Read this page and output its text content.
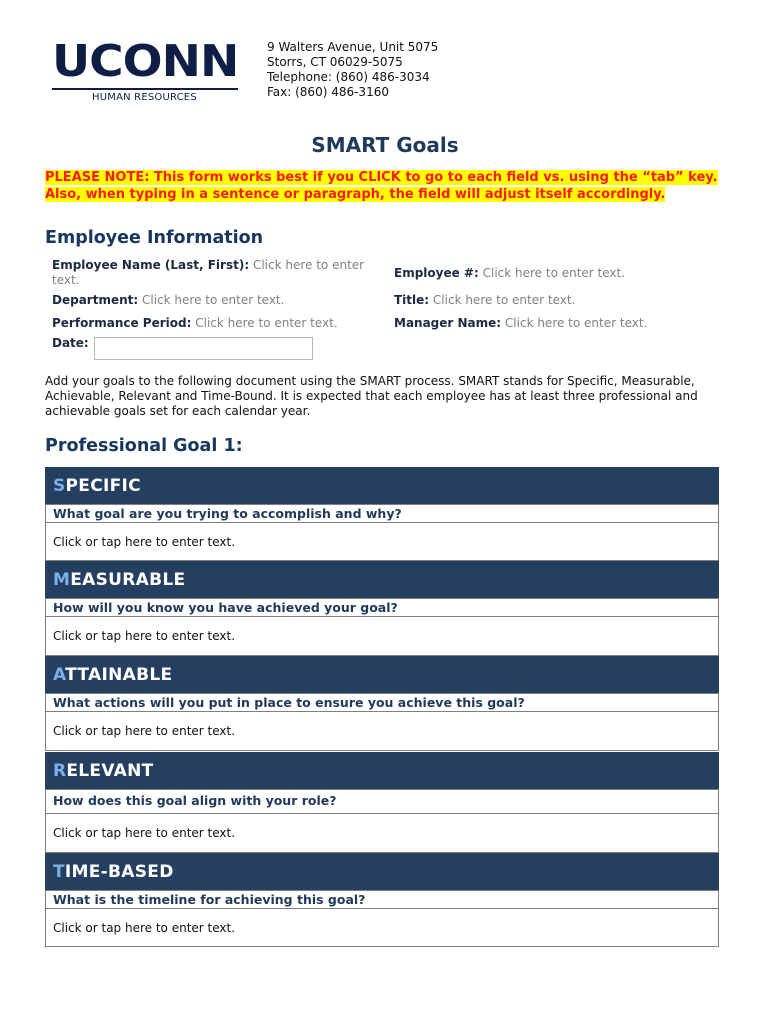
UCONN
HUMAN RESOURCES
9 Walters Avenue, Unit 5075
Storrs, CT 06029-5075
Telephone: (860) 486-3034
Fax: (860) 486-3160
SMART Goals
PLEASE NOTE: This form works best if you CLICK to go to each field vs. using the “tab” key. Also, when typing in a sentence or paragraph, the field will adjust itself accordingly.
Employee Information
Employee Name (Last, First): Click here to enter
text.	Employee #: Click here to enter text.
Department: Click here to enter text.	Title: Click here to enter text.
Performance Period: Click here to enter text.	Manager Name: Click here to enter text.
Date:
Add your goals to the following document using the SMART process. SMART stands for Specific, Measurable, Achievable, Relevant and Time-Bound. It is expected that each employee has at least three professional and achievable goals set for each calendar year.
Professional Goal 1:
SPECIFIC
What goal are you trying to accomplish and why?
Click or tap here to enter text.
MEASURABLE
How will you know you have achieved your goal?
Click or tap here to enter text.
ATTAINABLE
What actions will you put in place to ensure you achieve this goal?
Click or tap here to enter text.
RELEVANT
How does this goal align with your role?
Click or tap here to enter text.
TIME-BASED
What is the timeline for achieving this goal?
Click or tap here to enter text.
